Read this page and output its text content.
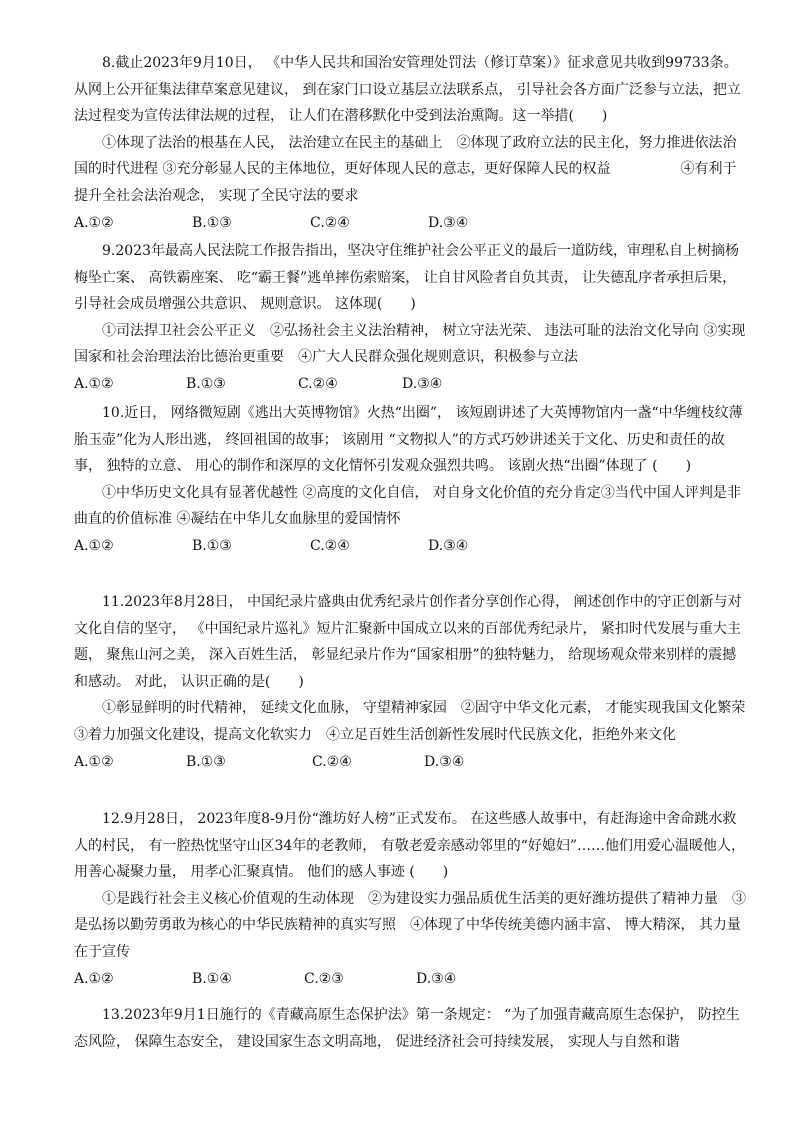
8.截止2023年9月10日， 《中华人民共和国治安管理处罚法（修订草案）》征求意见共收到99733条。从网上公开征集法律草案意见建议， 到在家门口设立基层立法联系点， 引导社会各方面广泛参与立法，把立法过程变为宣传法律法规的过程， 让人们在潜移默化中受到法治熏陶。这一举措(　　)

①体现了法治的根基在人民， 法治建立在民主的基础上　②体现了政府立法的民主化，努力推进依法治国的时代进程 ③充分彰显人民的主体地位，更好体现人民的意志，更好保障人民的权益　　　　　④有利于提升全社会法治观念， 实现了全民守法的要求

A.①②	B.①③	C.②④	D.③④

9.2023年最高人民法院工作报告指出，坚决守住维护社会公平正义的最后一道防线，审理私自上树摘杨梅坠亡案、 高铁霸座案、 吃“霸王餐”逃单摔伤索赔案， 让自甘风险者自负其责， 让失德乱序者承担后果， 引导社会成员增强公共意识、 规则意识。 这体现(　　)

①司法捍卫社会公平正义　②弘扬社会主义法治精神， 树立守法光荣、 违法可耻的法治文化导向 ③实现国家和社会治理法治比德治更重要　④广大人民群众强化规则意识，积极参与立法

A.①②	B.①③	C.②④	D.③④

10.近日， 网络微短剧《逃出大英博物馆》火热“出圈”， 该短剧讲述了大英博物馆内一盏“中华缠枝纹薄胎玉壶”化为人形出逃， 终回祖国的故事； 该剧用 “文物拟人”的方式巧妙讲述关于文化、历史和责任的故事， 独特的立意、 用心的制作和深厚的文化情怀引发观众强烈共鸣。 该剧火热“出圈”体现了 (　　)

①中华历史文化具有显著优越性 ②高度的文化自信， 对自身文化价值的充分肯定③当代中国人评判是非曲直的价值标准 ④凝结在中华儿女血脉里的爱国情怀

A.①②	B.①③	C.②④	D.③④

11.2023年8月28日， 中国纪录片盛典由优秀纪录片创作者分享创作心得， 阐述创作中的守正创新与对文化自信的坚守， 《中国纪录片巡礼》短片汇聚新中国成立以来的百部优秀纪录片， 紧扣时代发展与重大主题， 聚焦山河之美， 深入百姓生活， 彰显纪录片作为“国家相册”的独特魅力， 给现场观众带来别样的震撼和感动。 对此， 认识正确的是(　　)

①彰显鲜明的时代精神， 延续文化血脉， 守望精神家园　②固守中华文化元素， 才能实现我国文化繁荣　③着力加强文化建设，提高文化软实力　④立足百姓生活创新性发展时代民族文化，拒绝外来文化

A.①②	B.①③	C.②④	D.③④

12.9月28日， 2023年度8-9月份“潍坊好人榜”正式发布。 在这些感人故事中，有赶海途中舍命跳水救人的村民， 有一腔热忱坚守山区34年的老教师， 有敬老爱亲感动邻里的“好媳妇”……他们用爱心温暖他人， 用善心凝聚力量， 用孝心汇聚真情。 他们的感人事迹 (　　)

①是践行社会主义核心价值观的生动体现　②为建设实力强品质优生活美的更好潍坊提供了精神力量　③是弘扬以勤劳勇敢为核心的中华民族精神的真实写照　④体现了中华传统美德内涵丰富、 博大精深， 其力量在于宣传

A.①②	B.①④	C.②③	D.③④

13.2023年9月1日施行的《青藏高原生态保护法》第一条规定： “为了加强青藏高原生态保护， 防控生态风险， 保障生态安全， 建设国家生态文明高地， 促进经济社会可持续发展， 实现人与自然和谐
